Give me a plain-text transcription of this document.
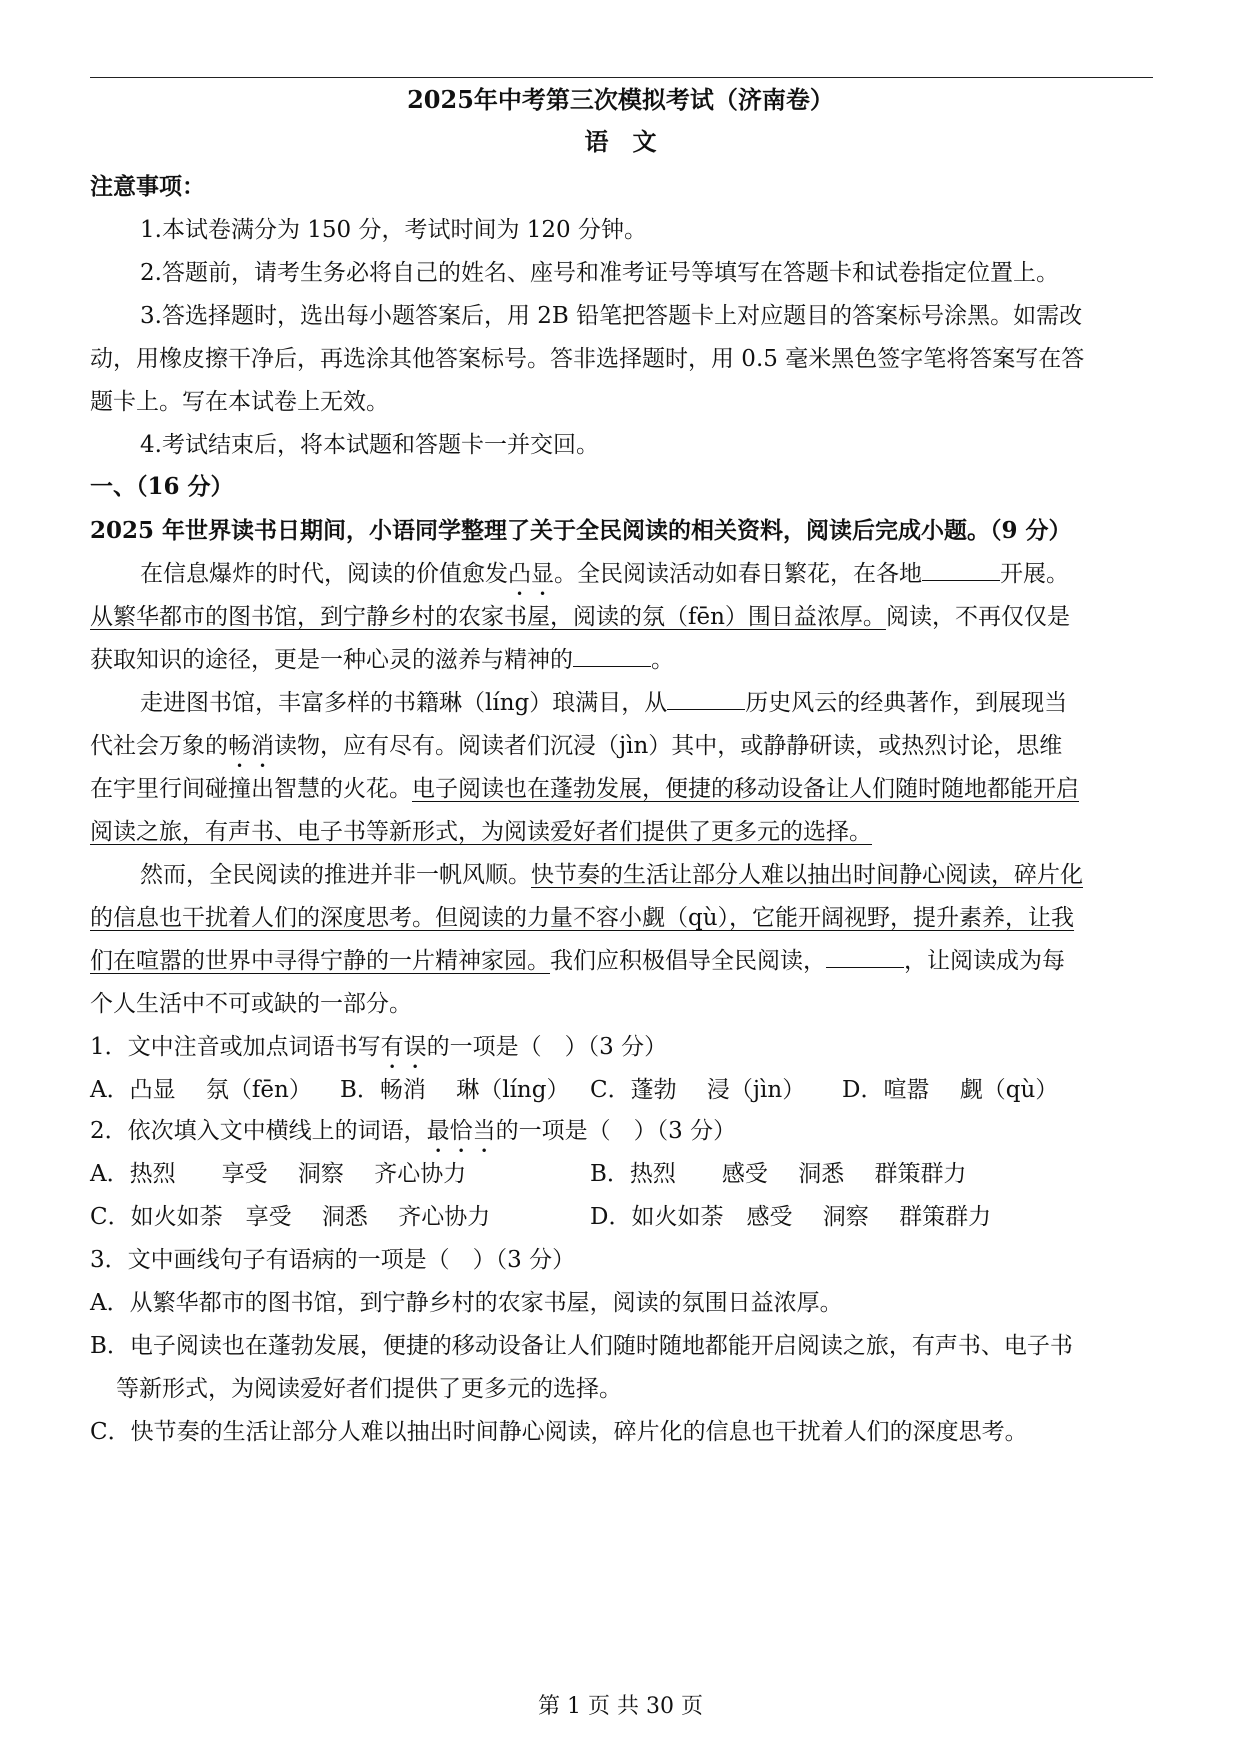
2025年中考第三次模拟考试（济南卷）
语　文
注意事项：
1.本试卷满分为 150 分，考试时间为 120 分钟。
2.答题前，请考生务必将自己的姓名、座号和准考证号等填写在答题卡和试卷指定位置上。
3.答选择题时，选出每小题答案后，用 2B 铅笔把答题卡上对应题目的答案标号涂黑。如需改
动，用橡皮擦干净后，再选涂其他答案标号。答非选择题时，用 0.5 毫米黑色签字笔将答案写在答
题卡上。写在本试卷上无效。
4.考试结束后，将本试题和答题卡一并交回。
一、（16 分）
2025 年世界读书日期间，小语同学整理了关于全民阅读的相关资料，阅读后完成小题。（9 分）
在信息爆炸的时代，阅读的价值愈发凸显。全民阅读活动如春日繁花，在各地	开展。
从繁华都市的图书馆，到宁静乡村的农家书屋，阅读的氛（fēn）围日益浓厚。阅读，不再仅仅是
获取知识的途径，更是一种心灵的滋养与精神的	。
走进图书馆，丰富多样的书籍琳（líng）琅满目，从	历史风云的经典著作，到展现当
代社会万象的畅消读物，应有尽有。阅读者们沉浸（jìn）其中，或静静研读，或热烈讨论，思维
在宇里行间碰撞出智慧的火花。电子阅读也在蓬勃发展，便捷的移动设备让人们随时随地都能开启
阅读之旅，有声书、电子书等新形式，为阅读爱好者们提供了更多元的选择。
然而，全民阅读的推进并非一帆风顺。快节奏的生活让部分人难以抽出时间静心阅读，碎片化
的信息也干扰着人们的深度思考。但阅读的力量不容小觑（qù），它能开阔视野，提升素养，让我
们在喧嚣的世界中寻得宁静的一片精神家园。我们应积极倡导全民阅读，	，让阅读成为每
个人生活中不可或缺的一部分。
1．文中注音或加点词语书写有误的一项是（　）（3 分）
A．凸显　 氛（fēn） B．畅消　 琳（líng） C．蓬勃　 浸（jìn） D．喧嚣　 觑（qù）
2．依次填入文中横线上的词语，最恰当的一项是（　）（3 分）
A．热烈　　享受　 洞察　 齐心协力	B．热烈　　感受　 洞悉　 群策群力
C．如火如荼　享受　 洞悉　 齐心协力	D．如火如荼　感受　 洞察　 群策群力
3．文中画线句子有语病的一项是（　）（3 分）
A．从繁华都市的图书馆，到宁静乡村的农家书屋，阅读的氛围日益浓厚。
B．电子阅读也在蓬勃发展，便捷的移动设备让人们随时随地都能开启阅读之旅，有声书、电子书
等新形式，为阅读爱好者们提供了更多元的选择。
C．快节奏的生活让部分人难以抽出时间静心阅读，碎片化的信息也干扰着人们的深度思考。
第 1 页 共 30 页
